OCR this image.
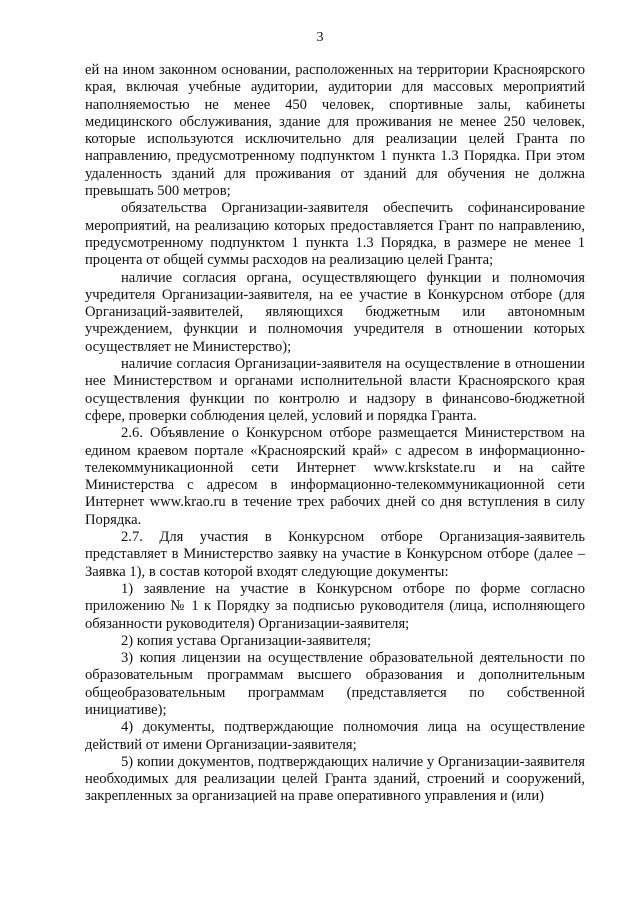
3

ей на ином законном основании, расположенных на территории Красноярского края, включая учебные аудитории, аудитории для массовых мероприятий наполняемостью не менее 450 человек, спортивные залы, кабинеты медицинского обслуживания, здание для проживания не менее 250 человек, которые используются исключительно для реализации целей Гранта по направлению, предусмотренному подпунктом 1 пункта 1.3 Порядка. При этом удаленность зданий для проживания от зданий для обучения не должна превышать 500 метров;

обязательства Организации-заявителя обеспечить софинансирование мероприятий, на реализацию которых предоставляется Грант по направлению, предусмотренному подпунктом 1 пункта 1.3 Порядка, в размере не менее 1 процента от общей суммы расходов на реализацию целей Гранта;

наличие согласия органа, осуществляющего функции и полномочия учредителя Организации-заявителя, на ее участие в Конкурсном отборе (для Организаций-заявителей, являющихся бюджетным или автономным учреждением, функции и полномочия учредителя в отношении которых осуществляет не Министерство);

наличие согласия Организации-заявителя на осуществление в отношении нее Министерством и органами исполнительной власти Красноярского края осуществления функции по контролю и надзору в финансово-бюджетной сфере, проверки соблюдения целей, условий и порядка Гранта.

2.6. Объявление о Конкурсном отборе размещается Министерством на едином краевом портале «Красноярский край» с адресом в информационно-телекоммуникационной сети Интернет www.krskstate.ru и на сайте Министерства с адресом в информационно-телекоммуникационной сети Интернет www.krao.ru в течение трех рабочих дней со дня вступления в силу Порядка.

2.7. Для участия в Конкурсном отборе Организация-заявитель представляет в Министерство заявку на участие в Конкурсном отборе (далее – Заявка 1), в состав которой входят следующие документы:

1) заявление на участие в Конкурсном отборе по форме согласно приложению № 1 к Порядку за подписью руководителя (лица, исполняющего обязанности руководителя) Организации-заявителя;

2) копия устава Организации-заявителя;

3) копия лицензии на осуществление образовательной деятельности по образовательным программам высшего образования и дополнительным общеобразовательным программам (представляется по собственной инициативе);

4) документы, подтверждающие полномочия лица на осуществление действий от имени Организации-заявителя;

5) копии документов, подтверждающих наличие у Организации-заявителя необходимых для реализации целей Гранта зданий, строений и сооружений, закрепленных за организацией на праве оперативного управления и (или)
